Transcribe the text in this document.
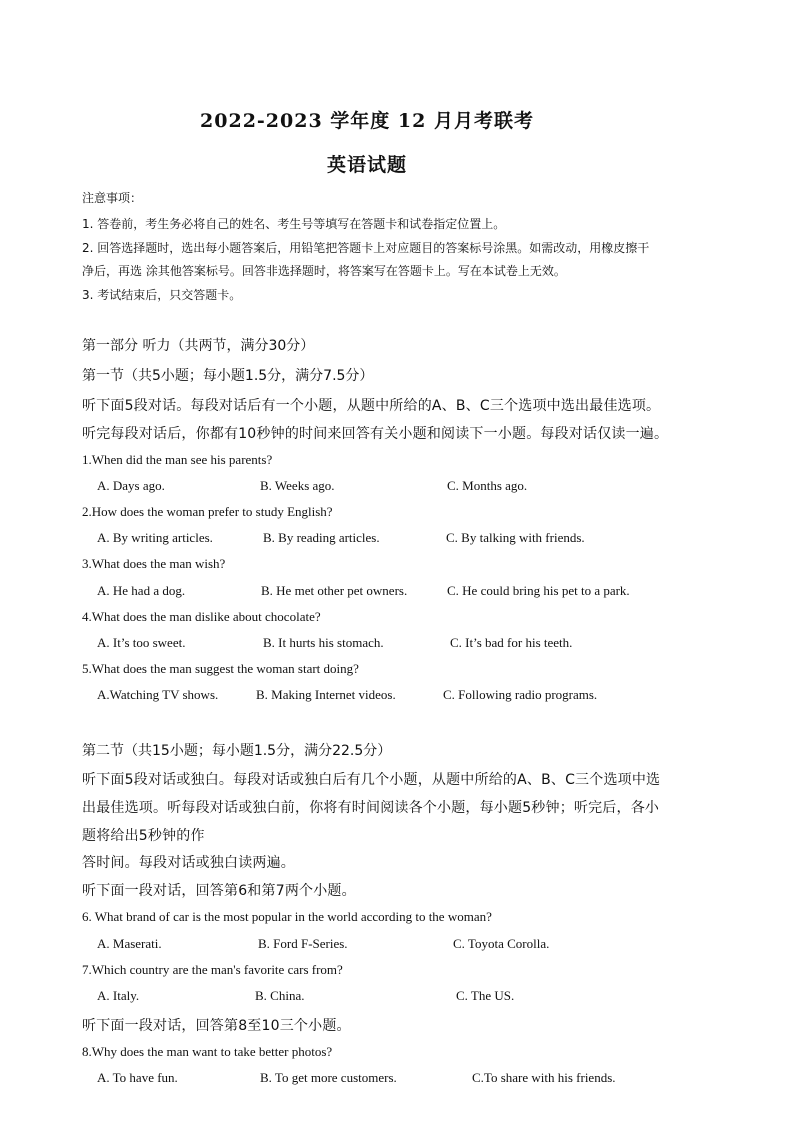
2022-2023 学年度 12 月月考联考
英语试题
注意事项：
1. 答卷前，考生务必将自己的姓名、考生号等填写在答题卡和试卷指定位置上。
2. 回答选择题时，选出每小题答案后，用铅笔把答题卡上对应题目的答案标号涂黑。如需改动，用橡皮擦干
净后，再选 涂其他答案标号。回答非选择题时，将答案写在答题卡上。写在本试卷上无效。
3. 考试结束后，只交答题卡。
第一部分 听力（共两节，满分30分）
第一节（共5小题；每小题1.5分，满分7.5分）
听下面5段对话。每段对话后有一个小题，从题中所给的A、B、C三个选项中选出最佳选项。
听完每段对话后，你都有10秒钟的时间来回答有关小题和阅读下一小题。每段对话仅读一遍。
1.When did the man see his parents?
A. Days ago.	B. Weeks ago.	C. Months ago.
2.How does the woman prefer to study English?
A. By writing articles.	B. By reading articles.	C. By talking with friends.
3.What does the man wish?
A. He had a dog.	B. He met other pet owners.	C. He could bring his pet to a park.
4.What does the man dislike about chocolate?
A. It’s too sweet.	B. It hurts his stomach.	C. It’s bad for his teeth.
5.What does the man suggest the woman start doing?
A.Watching TV shows.	B. Making Internet videos.	C. Following radio programs.
第二节（共15小题；每小题1.5分，满分22.5分）
听下面5段对话或独白。每段对话或独白后有几个小题，从题中所给的A、B、C三个选项中选
出最佳选项。听每段对话或独白前，你将有时间阅读各个小题，每小题5秒钟；听完后，各小
题将给出5秒钟的作
答时间。每段对话或独白读两遍。
听下面一段对话，回答第6和第7两个小题。
6. What brand of car is the most popular in the world according to the woman?
A. Maserati.	B. Ford F-Series.	C. Toyota Corolla.
7.Which country are the man's favorite cars from?
A. Italy.	B. China.	C. The US.
听下面一段对话，回答第8至10三个小题。
8.Why does the man want to take better photos?
A. To have fun.	B. To get more customers.	C.To share with his friends.
